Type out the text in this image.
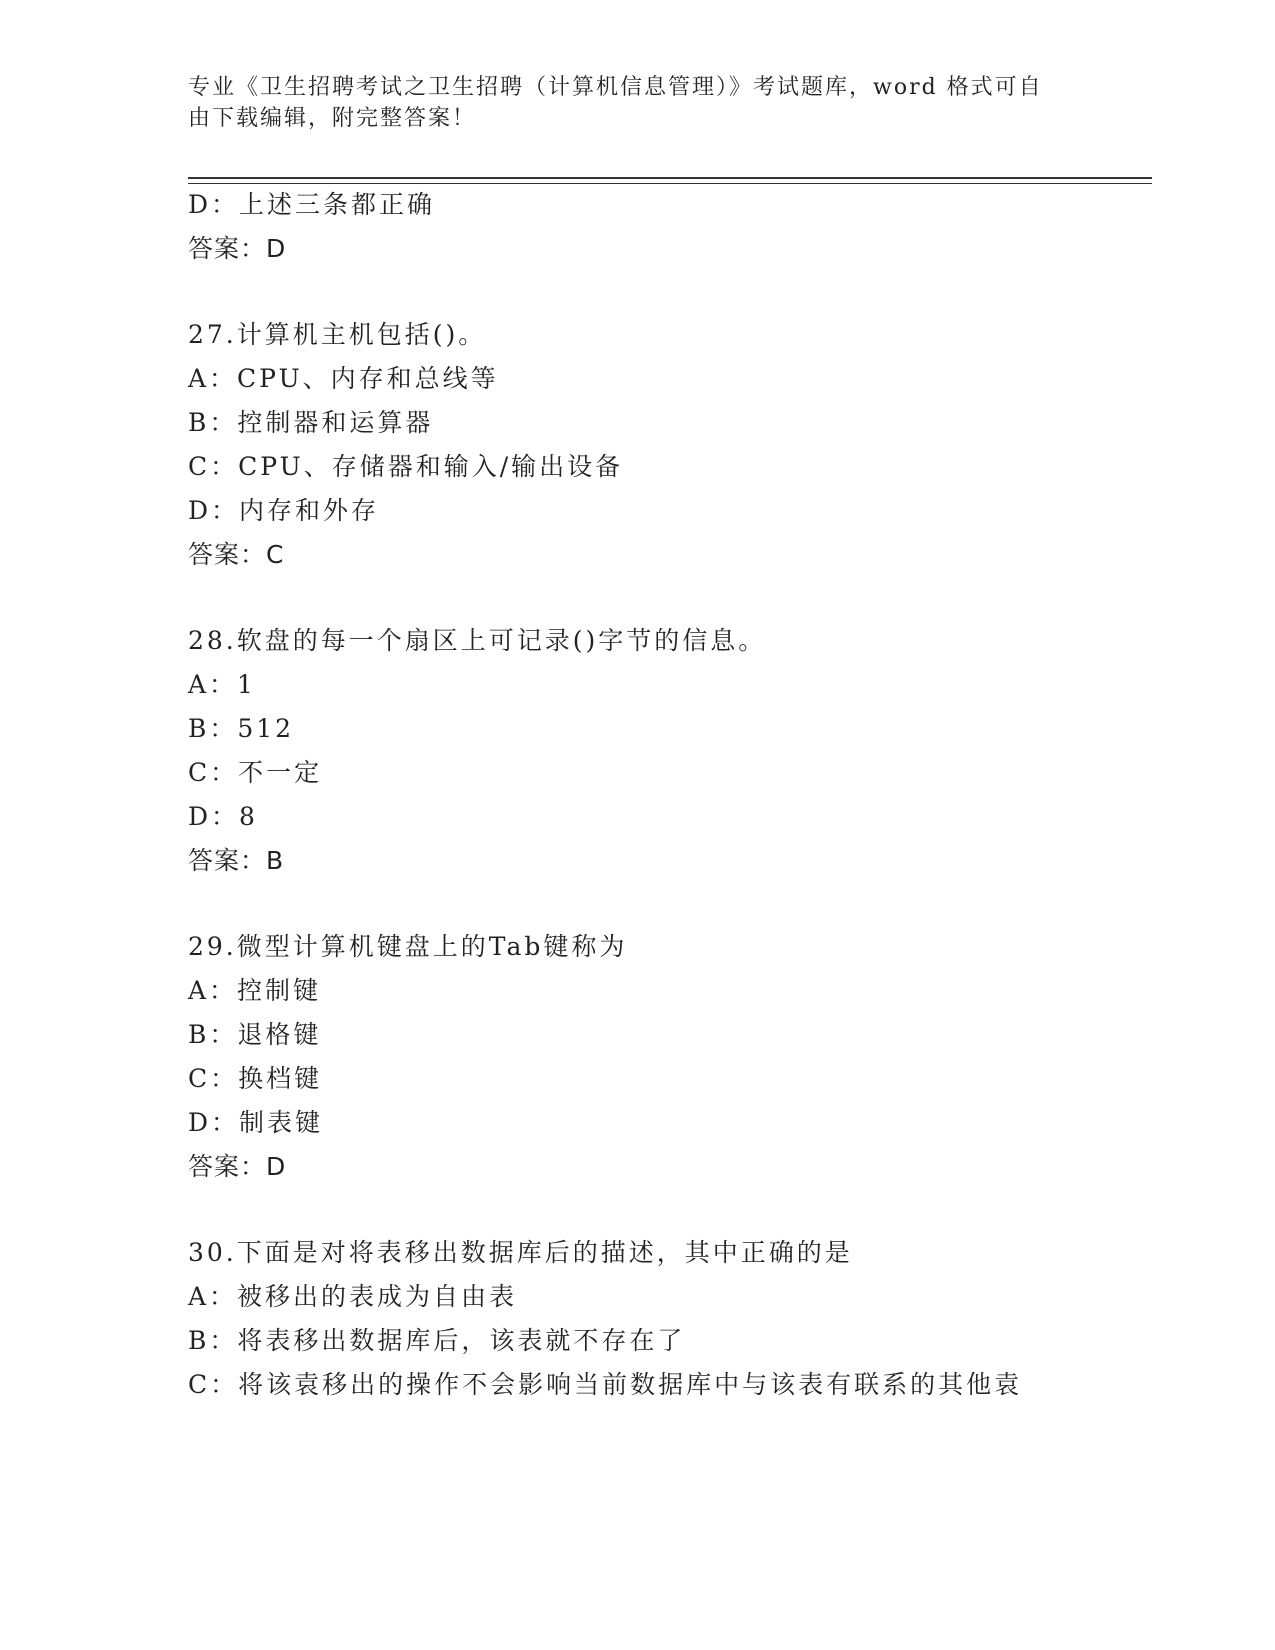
专业《卫生招聘考试之卫生招聘（计算机信息管理）》考试题库，word 格式可自
由下载编辑，附完整答案！
D：上述三条都正确
答案：D
27.计算机主机包括()。
A：CPU、内存和总线等
B：控制器和运算器
C：CPU、存储器和输入/输出设备
D：内存和外存
答案：C
28.软盘的每一个扇区上可记录()字节的信息。
A：1
B：512
C：不一定
D：8
答案：B
29.微型计算机键盘上的Tab键称为
A：控制键
B：退格键
C：换档键
D：制表键
答案：D
30.下面是对将表移出数据库后的描述，其中正确的是
A：被移出的表成为自由表
B：将表移出数据库后，该表就不存在了
C：将该袁移出的操作不会影响当前数据库中与该表有联系的其他袁
